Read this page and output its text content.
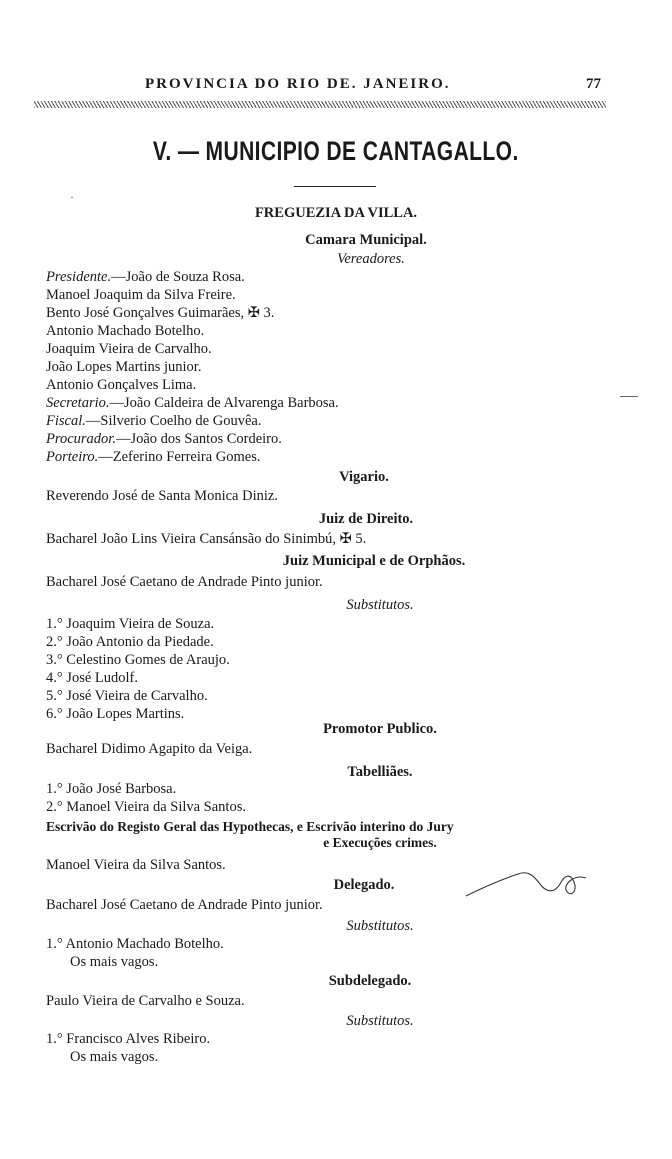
PROVINCIA DO RIO DE. JANEIRO.	77
V. — MUNICIPIO DE CANTAGALLO.
FREGUEZIA DA VILLA.
Camara Municipal.
Vereadores.
Presidente.—João de Souza Rosa.
Manoel Joaquim da Silva Freire.
Bento José Gonçalves Guimarães, ✠ 3.
Antonio Machado Botelho.
Joaquim Vieira de Carvalho.
João Lopes Martins junior.
Antonio Gonçalves Lima.
Secretario.—João Caldeira de Alvarenga Barbosa.
Fiscal.—Silverio Coelho de Gouvêa.
Procurador.—João dos Santos Cordeiro.
Porteiro.—Zeferino Ferreira Gomes.
Vigario.
Reverendo José de Santa Monica Diniz.
Juiz de Direito.
Bacharel João Lins Vieira Cansánsão do Sinimbú, ✠ 5.
Juiz Municipal e de Orphãos.
Bacharel José Caetano de Andrade Pinto junior.
Substitutos.
1.° Joaquim Vieira de Souza.
2.° João Antonio da Piedade.
3.° Celestino Gomes de Araujo.
4.° José Ludolf.
5.° José Vieira de Carvalho.
6.° João Lopes Martins.
Promotor Publico.
Bacharel Didimo Agapito da Veiga.
Tabelliães.
1.° João José Barbosa.
2.° Manoel Vieira da Silva Santos.
Escrivão do Registo Geral das Hypothecas, e Escrivão interino do Jury
e Execuções crimes.
Manoel Vieira da Silva Santos.
Delegado.
Bacharel José Caetano de Andrade Pinto junior.
Substitutos.
1.° Antonio Machado Botelho.
Os mais vagos.
Subdelegado.
Paulo Vieira de Carvalho e Souza.
Substitutos.
1.° Francisco Alves Ribeiro.
Os mais vagos.
·
